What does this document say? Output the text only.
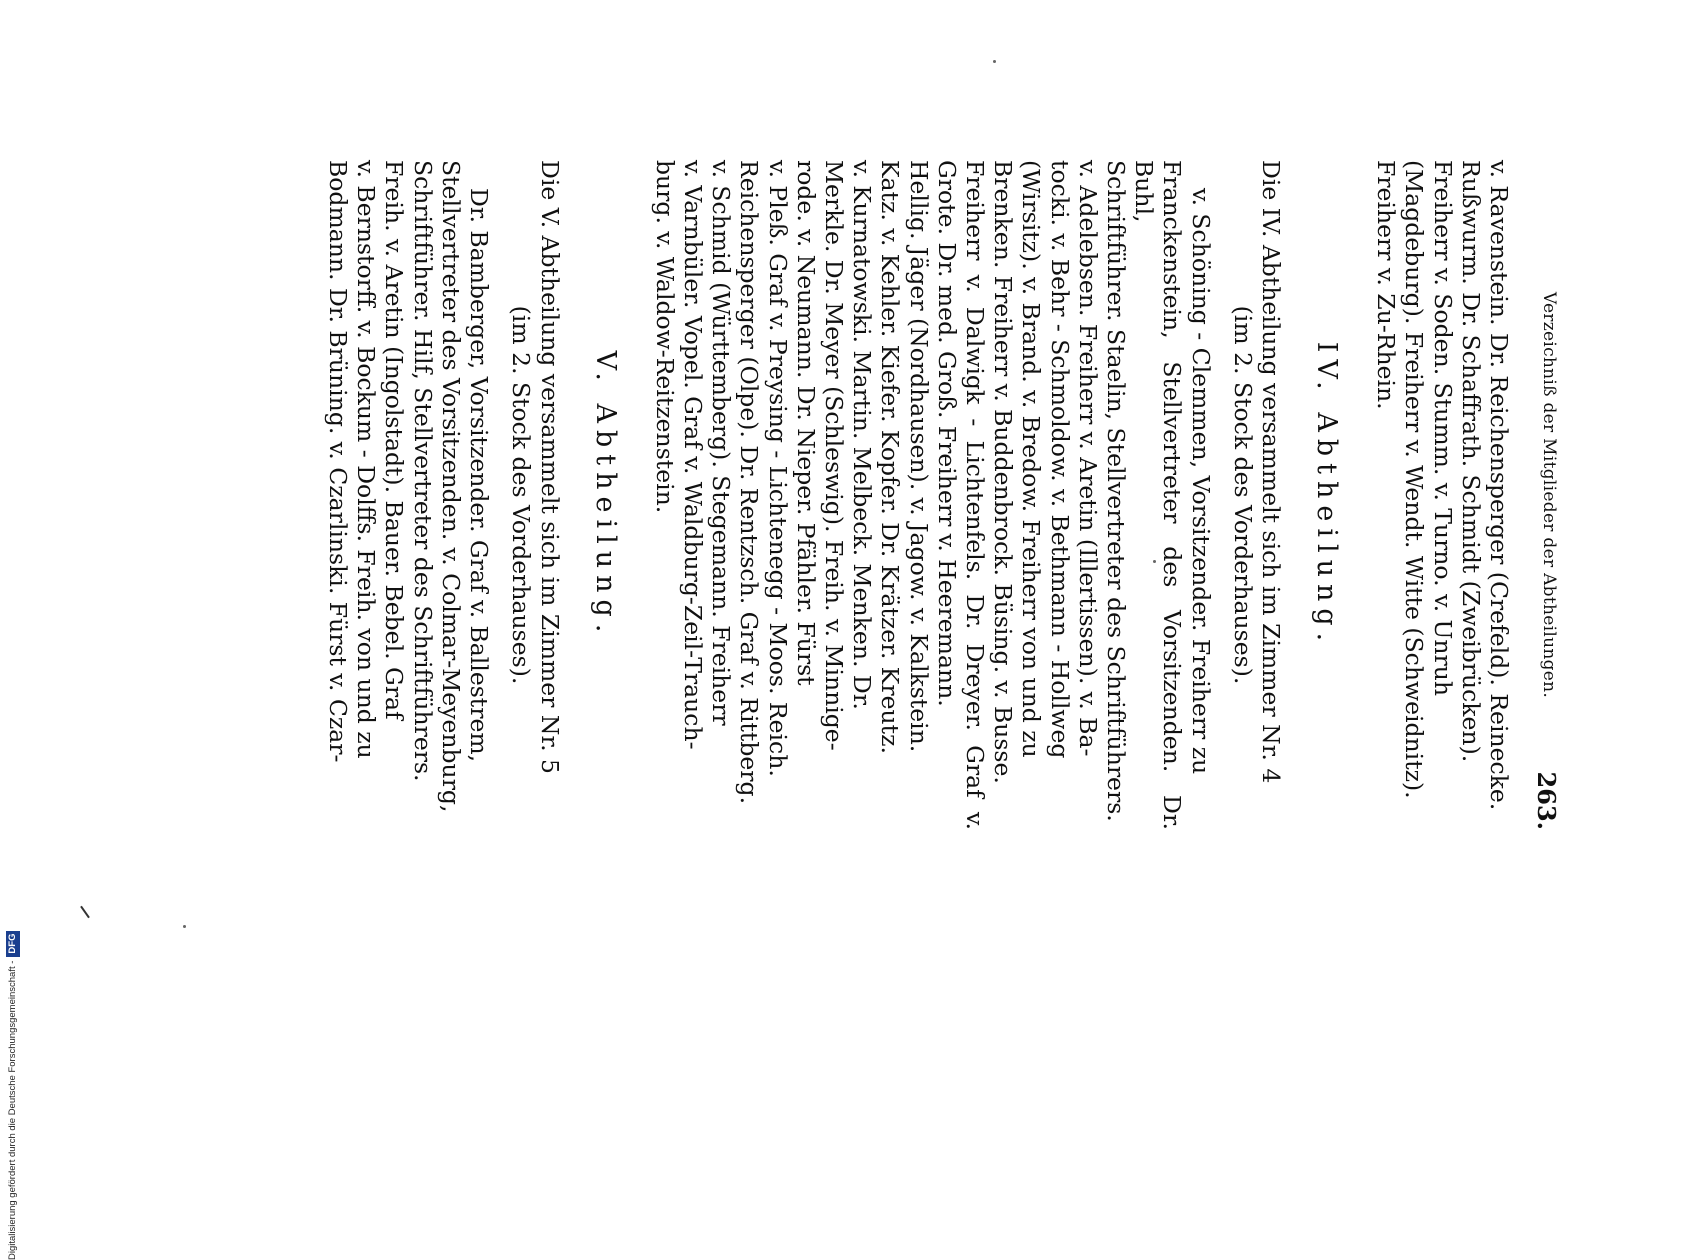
Verzeichniß der Mitglieder der Abtheilungen.
263.

v. Ravenstein. Dr. Reichensperger (Crefeld). Reinecke.

Rußwurm. Dr. Schaffrath. Schmidt (Zweibrücken).

Freiherr v. Soden. Stumm. v. Turno. v. Unruh

(Magdeburg). Freiherr v. Wendt. Witte (Schweidnitz).

Freiherr v. Zu-Rhein.

IV. Abtheilung.

Die IV. Abtheilung versammelt sich im Zimmer Nr. 4

(im 2. Stock des Vorderhauses).

v. Schöning - Clemmen, Vorsitzender. Freiherr zu

Franckenstein, Stellvertreter des Vorsitzenden. Dr. Buhl,

Schriftführer. Staelin, Stellvertreter des Schriftführers.

v. Adelebsen. Freiherr v. Aretin (Illertissen). v. Ba-

tocki. v. Behr - Schmoldow. v. Bethmann - Hollweg

(Wirsitz). v. Brand. v. Bredow. Freiherr von und zu

Brenken. Freiherr v. Buddenbrock. Büsing. v. Busse.

Freiherr v. Dalwigk - Lichtenfels. Dr. Dreyer. Graf v. Grote. Dr. med. Groß. Freiherr v. Heeremann.

Hellig. Jäger (Nordhausen). v. Jagow. v. Kalkstein.

Katz. v. Kehler. Kiefer. Kopfer. Dr. Krätzer. Kreutz.

v. Kurnatowski. Martin. Melbeck. Menken. Dr.

Merkle. Dr. Meyer (Schleswig). Freih. v. Minnige-

rode. v. Neumann. Dr. Nieper. Pfähler. Fürst

v. Pleß. Graf v. Preysing - Lichtenegg - Moos. Reich.

Reichensperger (Olpe). Dr. Rentzsch. Graf v. Rittberg.

v. Schmid (Württemberg). Stegemann. Freiherr

v. Varnbüler. Vopel. Graf v. Waldburg-Zeil-Trauch-

burg. v. Waldow-Reitzenstein.

V. Abtheilung.

Die V. Abtheilung versammelt sich im Zimmer Nr. 5

(im 2. Stock des Vorderhauses).

Dr. Bamberger, Vorsitzender. Graf v. Ballestrem,

Stellvertreter des Vorsitzenden. v. Colmar-Meyenburg,

Schriftführer. Hilf, Stellvertreter des Schriftführers.

Freih. v. Aretin (Ingolstadt). Bauer. Bebel. Graf

v. Bernstorff. v. Bockum - Dolffs. Freih. von und zu

Bodmann. Dr. Brüning. v. Czarlinski. Fürst v. Czar-

Digitalisierung gefördert durch die Deutsche Forschungsgemeinschaft -DFG
